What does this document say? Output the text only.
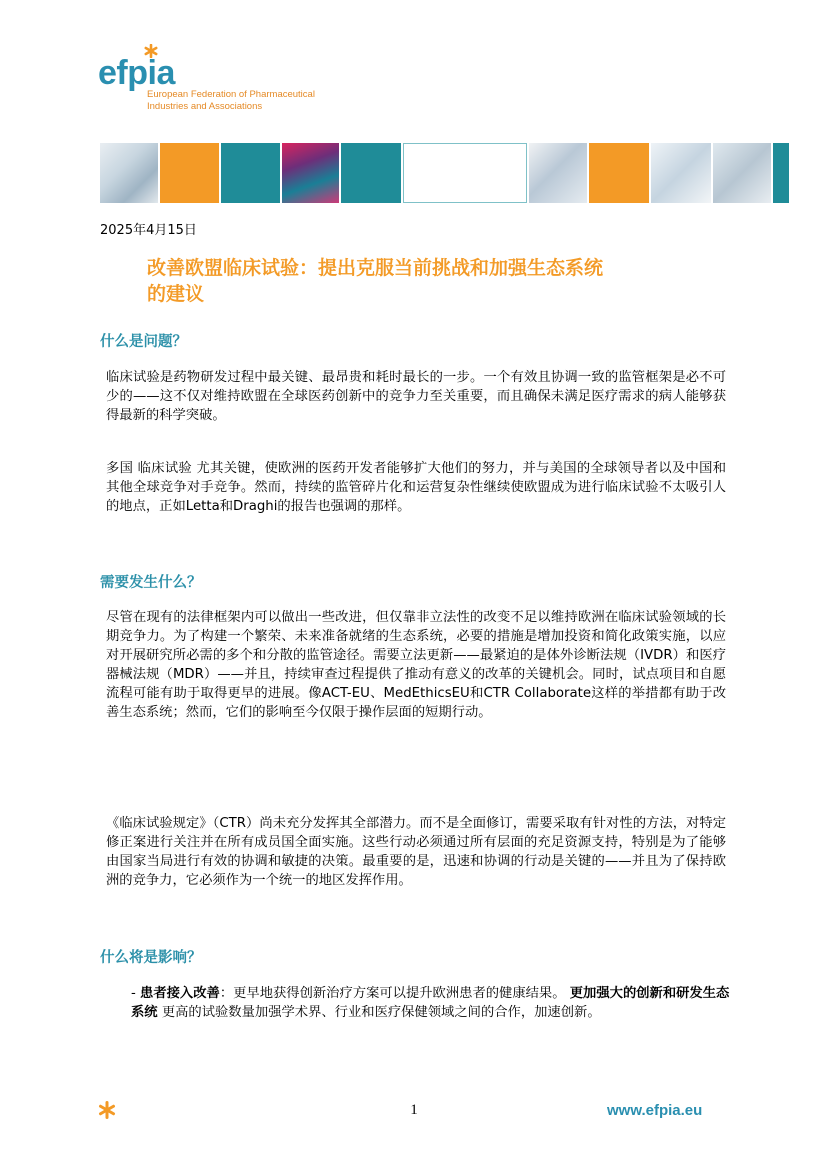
efpia
European Federation of Pharmaceutical
Industries and Associations
2025年4月15日
改善欧盟临床试验：提出克服当前挑战和加强生态系统
的建议
什么是问题？
临床试验是药物研发过程中最关键、最昂贵和耗时最长的一步。一个有效且协调一致的监管框架是必不可少的——这不仅对维持欧盟在全球医药创新中的竞争力至关重要，而且确保未满足医疗需求的病人能够获得最新的科学突破。
多国 临床试验 尤其关键，使欧洲的医药开发者能够扩大他们的努力，并与美国的全球领导者以及中国和其他全球竞争对手竞争。然而，持续的监管碎片化和运营复杂性继续使欧盟成为进行临床试验不太吸引人的地点，正如Letta和Draghi的报告也强调的那样。
需要发生什么？
尽管在现有的法律框架内可以做出一些改进，但仅靠非立法性的改变不足以维持欧洲在临床试验领域的长期竞争力。为了构建一个繁荣、未来准备就绪的生态系统，必要的措施是增加投资和简化政策实施，以应对开展研究所必需的多个和分散的监管途径。需要立法更新——最紧迫的是体外诊断法规（IVDR）和医疗器械法规（MDR）——并且，持续审查过程提供了推动有意义的改革的关键机会。同时，试点项目和自愿流程可能有助于取得更早的进展。像ACT-EU、MedEthicsEU和CTR Collaborate这样的举措都有助于改善生态系统；然而，它们的影响至今仅限于操作层面的短期行动。
《临床试验规定》（CTR）尚未充分发挥其全部潜力。而不是全面修订，需要采取有针对性的方法，对特定修正案进行关注并在所有成员国全面实施。这些行动必须通过所有层面的充足资源支持，特别是为了能够由国家当局进行有效的协调和敏捷的决策。最重要的是，迅速和协调的行动是关键的——并且为了保持欧洲的竞争力，它必须作为一个统一的地区发挥作用。
什么将是影响？
- 患者接入改善：更早地获得创新治疗方案可以提升欧洲患者的健康结果。 更加强大的创新和研发生态系统 更高的试验数量加强学术界、行业和医疗保健领域之间的合作，加速创新。
1	www.efpia.eu
